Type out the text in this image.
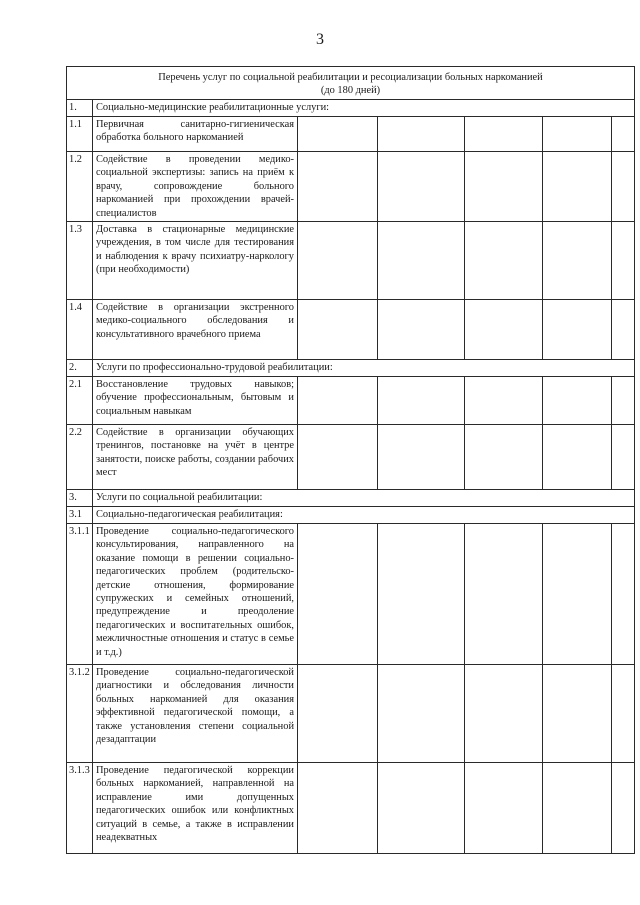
3
Перечень услуг по социальной реабилитации и ресоциализации больных наркоманией
(до 180 дней)						

1.	Социально-медицинские реабилитационные услуги:					
1.1	Первичная санитарно-гигиеническая обработка больного наркоманией					

1.2	Содействие в проведении медико-социальной экспертизы: запись на приём к врачу, сопровождение больного наркоманией при прохождении врачей-специалистов					

1.3	Доставка в стационарные медицинские учреждения, в том числе для тестирования и наблюдения к врачу психиатру-наркологу (при необходимости)					

1.4	Содействие в организации экстренного медико-социального обследования и консультативного врачебного приема					

2.	Услуги по профессионально-трудовой реабилитации:					
2.1	Восстановление трудовых навыков; обучение профессиональным, бытовым и социальным навыкам					

2.2	Содействие в организации обучающих тренингов, постановке на учёт в центре занятости, поиске работы, создании рабочих мест					

3.	Услуги по социальной реабилитации:					
3.1	Социально-педагогическая реабилитация:					
3.1.1	Проведение социально-педагогического консультирования, направленного на оказание помощи в решении социально-педагогических проблем (родительско-детские отношения, формирование супружеских и семейных отношений, предупреждение и преодоление педагогических и воспитательных ошибок, межличностные отношения и статус в семье и т.д.)					

3.1.2	Проведение социально-педагогической диагностики и обследования личности больных наркоманией для оказания эффективной педагогической помощи, а также установления степени социальной дезадаптации					

3.1.3	Проведение педагогической коррекции больных наркоманией, направленной на исправление ими допущенных педагогических ошибок или конфликтных ситуаций в семье, а также в исправлении неадекватных					
